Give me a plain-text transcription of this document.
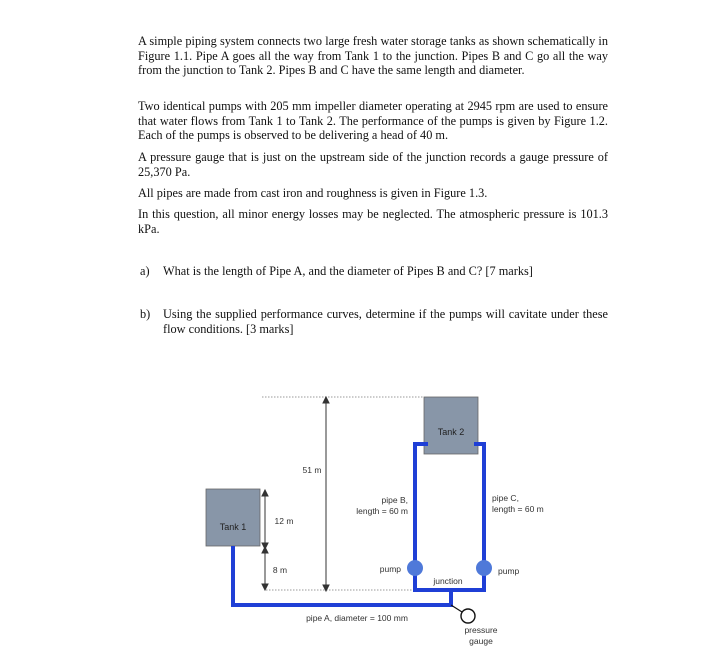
A simple piping system connects two large fresh water storage tanks as shown schematically in Figure 1.1. Pipe A goes all the way from Tank 1 to the junction. Pipes B and C go all the way from the junction to Tank 2. Pipes B and C have the same length and diameter.

Two identical pumps with 205 mm impeller diameter operating at 2945 rpm are used to ensure that water flows from Tank 1 to Tank 2. The performance of the pumps is given by Figure 1.2. Each of the pumps is observed to be delivering a head of 40 m.

A pressure gauge that is just on the upstream side of the junction records a gauge pressure of 25,370 Pa.

All pipes are made from cast iron and roughness is given in Figure 1.3.

In this question, all minor energy losses may be neglected. The atmospheric pressure is 101.3 kPa.

a) What is the length of Pipe A, and the diameter of Pipes B and C? [7 marks]
b) Using the supplied performance curves, determine if the pumps will cavitate under these flow conditions. [3 marks]
Tank 1
Tank 2
51 m
12 m
8 m
pipe B,
length = 60 m
pipe C,
length = 60 m
pump	pump
junction
pipe A, diameter = 100 mm
pressure
gauge
